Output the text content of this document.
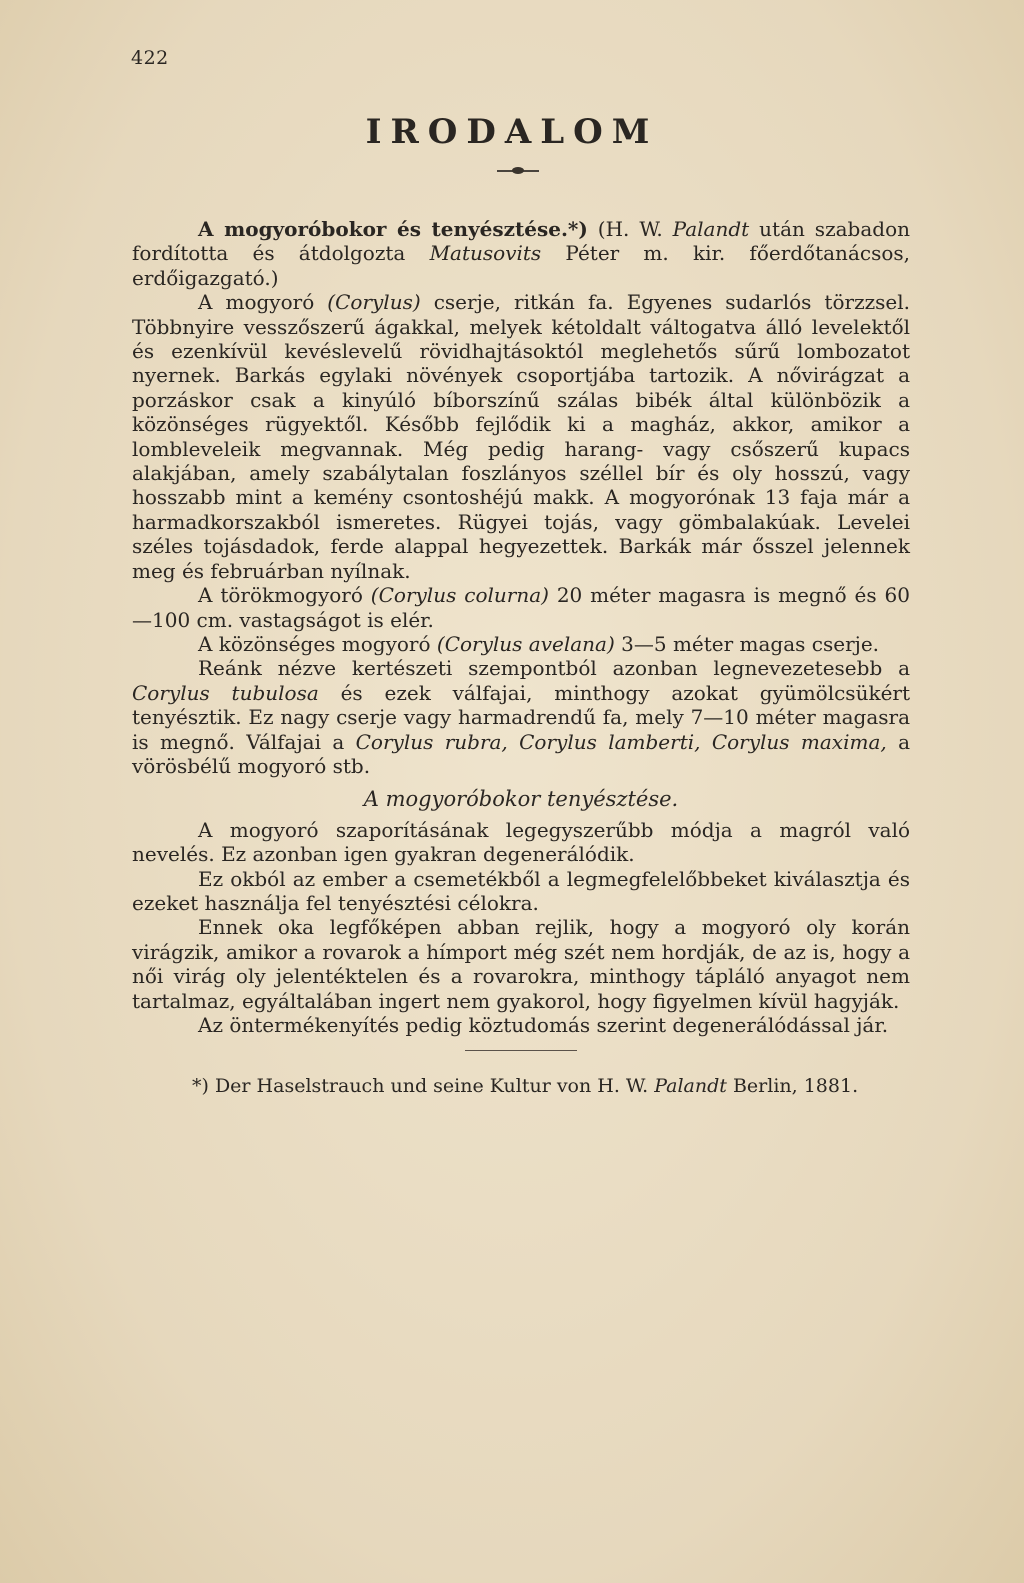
422
IRODALOM

A mogyoróbokor és tenyésztése.*) (H. W. Palandt után szabadon fordította és átdolgozta Matusovits Péter m. kir. főerdőtanácsos, erdőigazgató.)

A mogyoró (Corylus) cserje, ritkán fa. Egyenes sudarlós törzzsel. Többnyire vesszőszerű ágakkal, melyek kétoldalt váltogatva álló levelektől és ezenkívül kevéslevelű rövidhajtásoktól meglehetős sűrű lombozatot nyernek. Barkás egylaki növények csoportjába tartozik. A nővirágzat a porzáskor csak a kinyúló bíborszínű szálas bibék által különbözik a közönséges rügyektől. Később fejlődik ki a magház, akkor, amikor a lombleveleik megvannak. Még pedig harang- vagy csőszerű kupacs alakjában, amely szabálytalan foszlányos széllel bír és oly hosszú, vagy hosszabb mint a kemény csontoshéjú makk. A mogyorónak 13 faja már a harmadkorszakból ismeretes. Rügyei tojás, vagy gömbalakúak. Levelei széles tojásdadok, ferde alappal hegyezettek. Barkák már ősszel jelennek meg és februárban nyílnak.

A törökmogyoró (Corylus colurna) 20 méter magasra is megnő és 60—100 cm. vastagságot is elér.

A közönséges mogyoró (Corylus avelana) 3—5 méter magas cserje.

Reánk nézve kertészeti szempontból azonban legnevezetesebb a Corylus tubulosa és ezek válfajai, minthogy azokat gyümölcsükért tenyésztik. Ez nagy cserje vagy harmadrendű fa, mely 7—10 méter magasra is megnő. Válfajai a Corylus rubra, Corylus lamberti, Corylus maxima, a vörösbélű mogyoró stb.

A mogyoróbokor tenyésztése.

A mogyoró szaporításának legegyszerűbb módja a magról való nevelés. Ez azonban igen gyakran degenerálódik.

Ez okból az ember a csemetékből a legmegfelelőbbeket kiválasztja és ezeket használja fel tenyésztési célokra.

Ennek oka legfőképen abban rejlik, hogy a mogyoró oly korán virágzik, amikor a rovarok a hímport még szét nem hordják, de az is, hogy a női virág oly jelentéktelen és a rovarokra, minthogy tápláló anyagot nem tartalmaz, egyáltalában ingert nem gyakorol, hogy figyelmen kívül hagyják.

Az öntermékenyítés pedig köztudomás szerint degenerálódással jár.

*) Der Haselstrauch und seine Kultur von H. W. Palandt Berlin, 1881.
